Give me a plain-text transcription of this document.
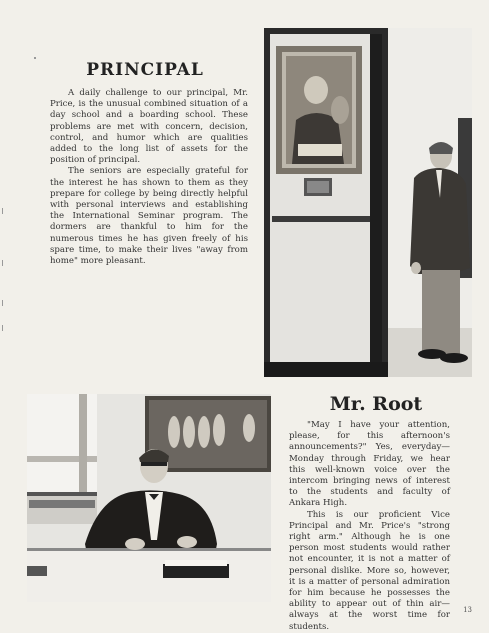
PRINCIPAL

A daily challenge to our principal, Mr. Price, is the unusual combined situation of a day school and a boarding school. These problems are met with concern, decision, control, and humor which are qualities added to the long list of assets for the position of principal.

The seniors are especially grateful for the interest he has shown to them as they prepare for college by being directly helpful with personal interviews and establishing the International Seminar program. The dormers are thankful to him for the numerous times he has given freely of his spare time, to make their lives "away from home" more pleasant.

Mr. Root

"May I have your attention, please, for this afternoon's announcements?" Yes, everyday—Monday through Friday, we hear this well-known voice over the intercom bringing news of interest to the students and faculty of Ankara High.

This is our proficient Vice Principal and Mr. Price's "strong right arm." Although he is one person most students would rather not encounter, it is not a matter of personal dislike. More so, however, it is a matter of personal admiration for him because he possesses the ability to appear out of thin air—always at the worst time for students.

13
